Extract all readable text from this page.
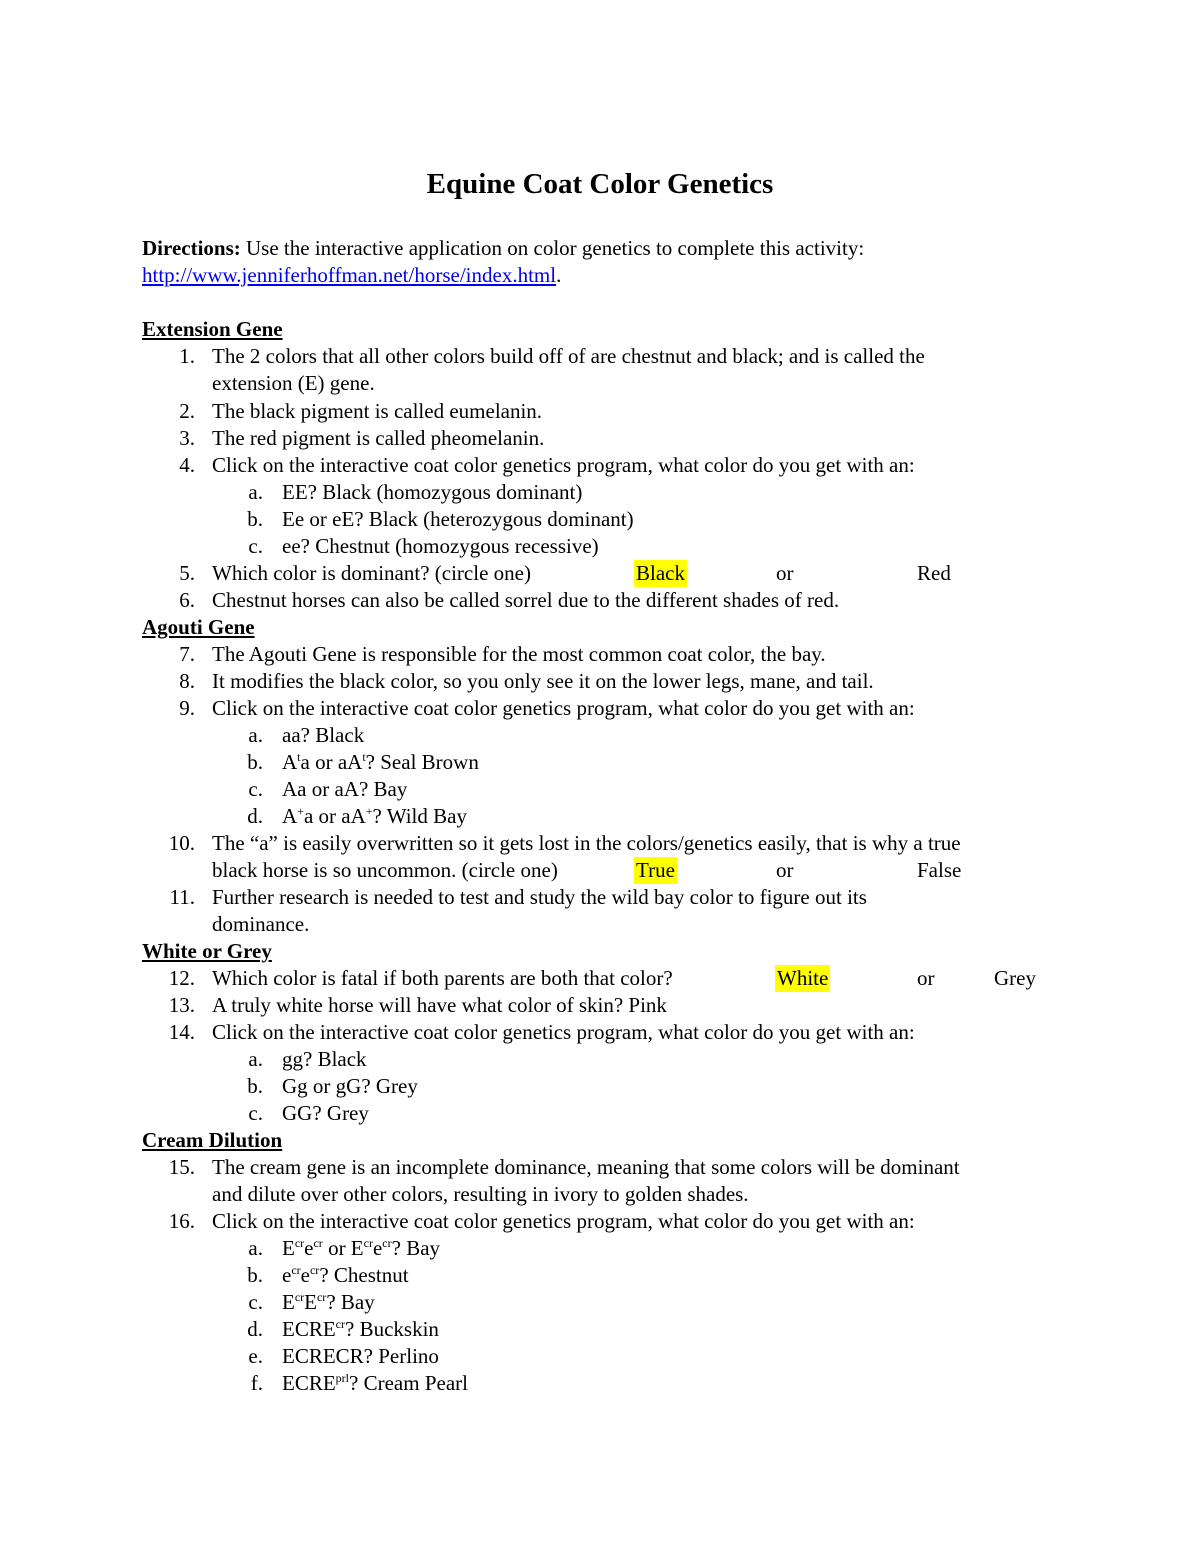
Equine Coat Color Genetics
Directions: Use the interactive application on color genetics to complete this activity:
http://www.jenniferhoffman.net/horse/index.html.
Extension Gene
1. The 2 colors that all other colors build off of are chestnut and black; and is called the
extension (E) gene.
2. The black pigment is called eumelanin.
3. The red pigment is called pheomelanin.
4. Click on the interactive coat color genetics program, what color do you get with an:
a. EE? Black (homozygous dominant)
b. Ee or eE? Black (heterozygous dominant)
c. ee? Chestnut (homozygous recessive)
5. Which color is dominant? (circle one)	Black	or	Red
6. Chestnut horses can also be called sorrel due to the different shades of red.
Agouti Gene
7. The Agouti Gene is responsible for the most common coat color, the bay.
8. It modifies the black color, so you only see it on the lower legs, mane, and tail.
9. Click on the interactive coat color genetics program, what color do you get with an:
a. aa? Black
b. $A^ta$ or $aA^t$? Seal Brown
c. Aa or aA? Bay
d. A+a or aA+? Wild Bay
10. The “a” is easily overwritten so it gets lost in the colors/genetics easily, that is why a true
black horse is so uncommon. (circle one)	True	or	False
11. Further research is needed to test and study the wild bay color to figure out its
dominance.
White or Grey
12. Which color is fatal if both parents are both that color?	White	or	Grey
13. A truly white horse will have what color of skin? Pink
14. Click on the interactive coat color genetics program, what color do you get with an:
a. gg? Black
b. Gg or gG? Grey
c. GG? Grey
Cream Dilution
15. The cream gene is an incomplete dominance, meaning that some colors will be dominant
and dilute over other colors, resulting in ivory to golden shades.
16. Click on the interactive coat color genetics program, what color do you get with an:
a. $E^{cr}e^{cr}$ or $E^{cr}e^{cr}$? Bay
b. $e^{cr}e^{cr}$? Chestnut
c. $E^{cr}E^{cr}$? Bay
d. $ECRE^{cr}$? Buckskin
e. ECRECR? Perlino
f. $ECRE^{prl}$? Cream Pearl
